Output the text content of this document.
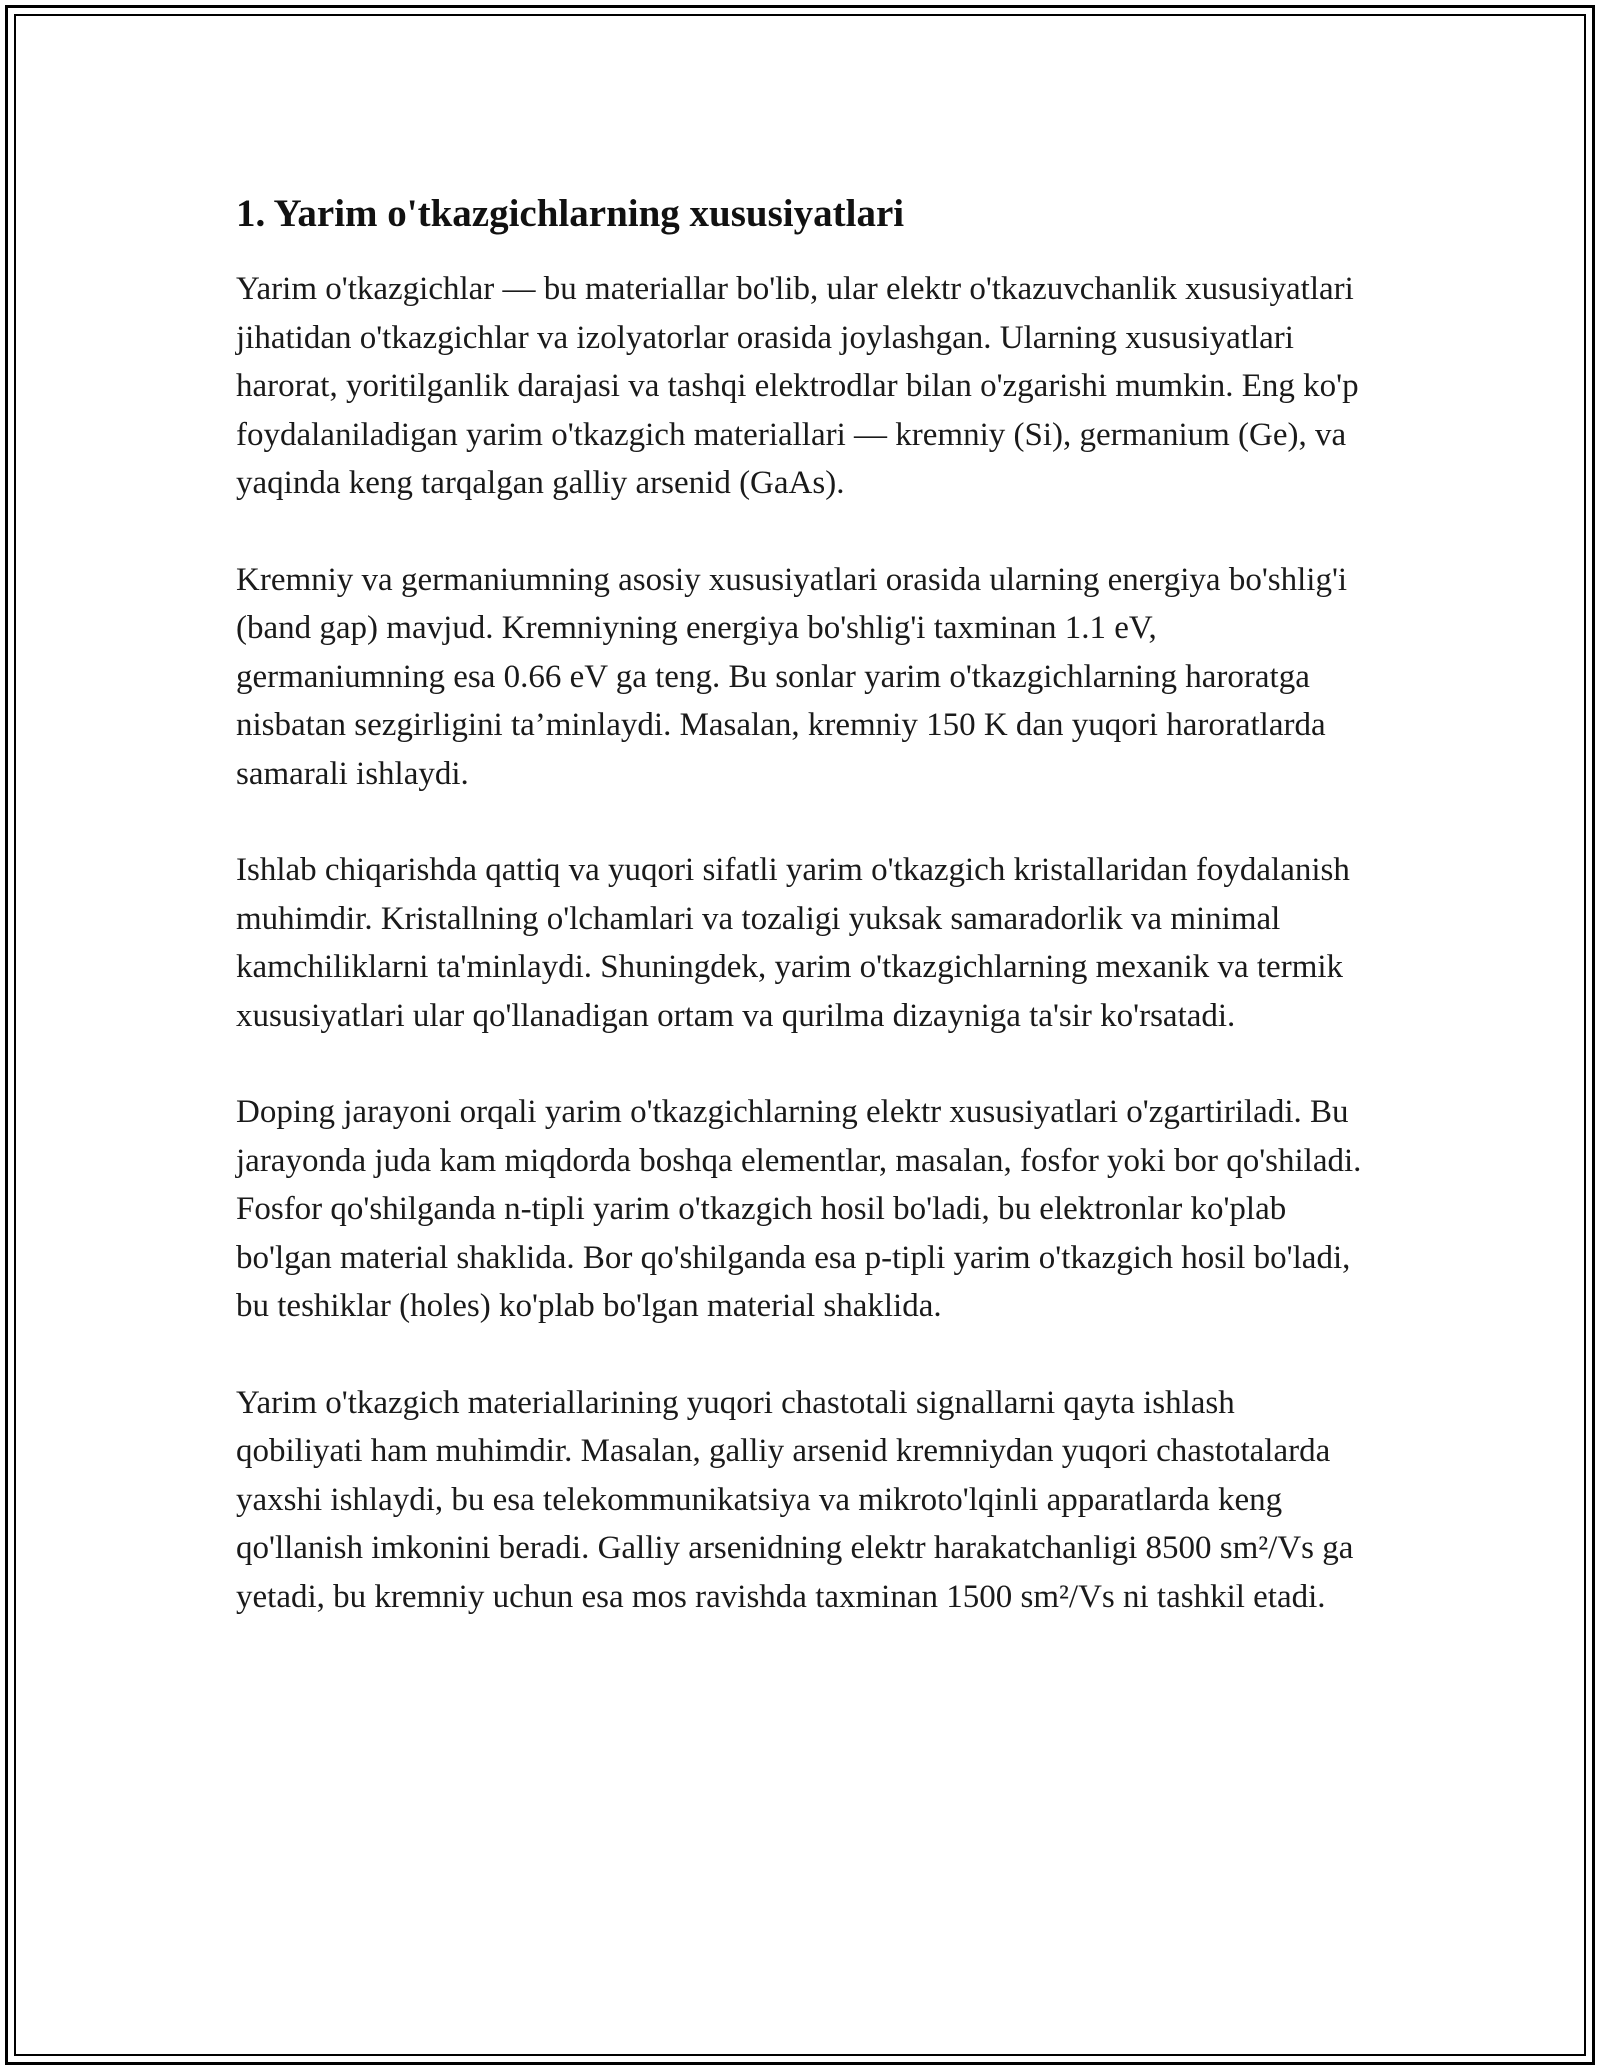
1. Yarim o'tkazgichlarning xususiyatlari

Yarim o'tkazgichlar — bu materiallar bo'lib, ular elektr o'tkazuvchanlik xususiyatlari jihatidan o'tkazgichlar va izolyatorlar orasida joylashgan. Ularning xususiyatlari harorat, yoritilganlik darajasi va tashqi elektrodlar bilan o'zgarishi mumkin. Eng ko'p foydalaniladigan yarim o'tkazgich materiallari — kremniy (Si), germanium (Ge), va yaqinda keng tarqalgan galliy arsenid (GaAs).

Kremniy va germaniumning asosiy xususiyatlari orasida ularning energiya bo'shlig'i (band gap) mavjud. Kremniyning energiya bo'shlig'i taxminan 1.1 eV, germaniumning esa 0.66 eV ga teng. Bu sonlar yarim o'tkazgichlarning haroratga nisbatan sezgirligini ta’minlaydi. Masalan, kremniy 150 K dan yuqori haroratlarda samarali ishlaydi.

Ishlab chiqarishda qattiq va yuqori sifatli yarim o'tkazgich kristallaridan foydalanish muhimdir. Kristallning o'lchamlari va tozaligi yuksak samaradorlik va minimal kamchiliklarni ta'minlaydi. Shuningdek, yarim o'tkazgichlarning mexanik va termik xususiyatlari ular qo'llanadigan ortam va qurilma dizayniga ta'sir ko'rsatadi.

Doping jarayoni orqali yarim o'tkazgichlarning elektr xususiyatlari o'zgartiriladi. Bu jarayonda juda kam miqdorda boshqa elementlar, masalan, fosfor yoki bor qo'shiladi. Fosfor qo'shilganda n-tipli yarim o'tkazgich hosil bo'ladi, bu elektronlar ko'plab bo'lgan material shaklida. Bor qo'shilganda esa p-tipli yarim o'tkazgich hosil bo'ladi, bu teshiklar (holes) ko'plab bo'lgan material shaklida.

Yarim o'tkazgich materiallarining yuqori chastotali signallarni qayta ishlash qobiliyati ham muhimdir. Masalan, galliy arsenid kremniydan yuqori chastotalarda yaxshi ishlaydi, bu esa telekommunikatsiya va mikroto'lqinli apparatlarda keng qo'llanish imkonini beradi. Galliy arsenidning elektr harakatchanligi 8500 sm²/Vs ga yetadi, bu kremniy uchun esa mos ravishda taxminan 1500 sm²/Vs ni tashkil etadi.
